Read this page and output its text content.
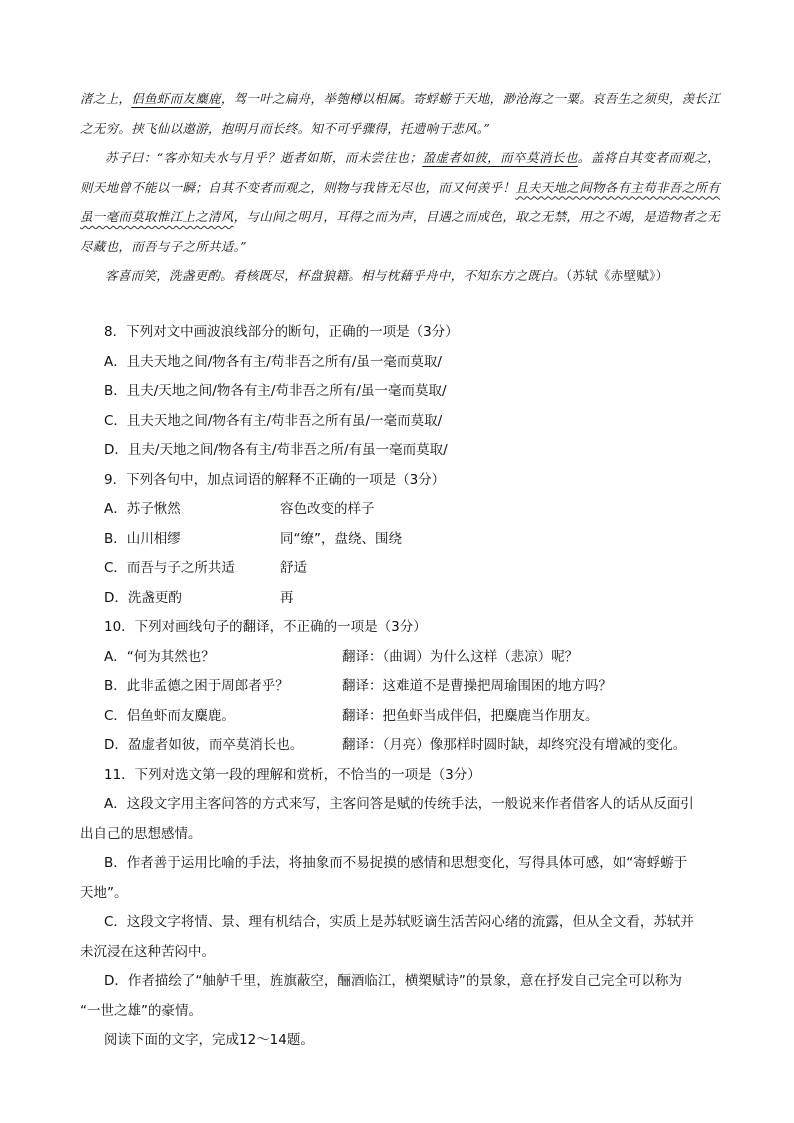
渚之上，侣鱼虾而友麋鹿，驾一叶之扁舟，举匏樽以相属。寄蜉蝣于天地，渺沧海之一粟。哀吾生之须臾，羡长江之无穷。挟飞仙以遨游，抱明月而长终。知不可乎骤得，托遗响于悲风。”

苏子曰：“客亦知夫水与月乎？逝者如斯，而未尝往也；盈虚者如彼，而卒莫消长也。盖将自其变者而观之，则天地曾不能以一瞬；自其不变者而观之，则物与我皆无尽也，而又何羡乎！且夫天地之间物各有主苟非吾之所有虽一毫而莫取惟江上之清风，与山间之明月，耳得之而为声，目遇之而成色，取之无禁，用之不竭，是造物者之无尽藏也，而吾与子之所共适。”

客喜而笑，洗盏更酌。肴核既尽，杯盘狼籍。相与枕藉乎舟中，不知东方之既白。（苏轼《赤壁赋》）

8．下列对文中画波浪线部分的断句，正确的一项是（3分）
A．且夫天地之间/物各有主/苟非吾之所有/虽一毫而莫取/
B．且夫/天地之间/物各有主/苟非吾之所有/虽一毫而莫取/
C．且夫天地之间/物各有主/苟非吾之所有虽/一毫而莫取/
D．且夫/天地之间/物各有主/苟非吾之所/有虽一毫而莫取/
9．下列各句中，加点词语的解释不正确的一项是（3分）
A．苏子愀然	容色改变的样子
B．山川相缪	同“缭”，盘绕、围绕
C．而吾与子之所共适	舒适
D．洗盏更酌	再
10．下列对画线句子的翻译，不正确的一项是（3分）
A．“何为其然也？	翻译：（曲调）为什么这样（悲凉）呢？
B．此非孟德之困于周郎者乎？	翻译：这难道不是曹操把周瑜围困的地方吗？
C．侣鱼虾而友麋鹿。	翻译：把鱼虾当成伴侣，把麋鹿当作朋友。
D．盈虚者如彼，而卒莫消长也。	翻译：（月亮）像那样时圆时缺，却终究没有增减的变化。
11．下列对选文第一段的理解和赏析，不恰当的一项是（3分）
A．这段文字用主客问答的方式来写，主客问答是赋的传统手法，一般说来作者借客人的话从反面引
出自己的思想感情。
B．作者善于运用比喻的手法，将抽象而不易捉摸的感情和思想变化，写得具体可感，如“寄蜉蝣于
天地”。
C．这段文字将情、景、理有机结合，实质上是苏轼贬谪生活苦闷心绪的流露，但从全文看，苏轼并
未沉浸在这种苦闷中。
D．作者描绘了“舳舻千里，旌旗蔽空，酾酒临江，横槊赋诗”的景象，意在抒发自己完全可以称为
“一世之雄”的豪情。
阅读下面的文字，完成12～14题。
